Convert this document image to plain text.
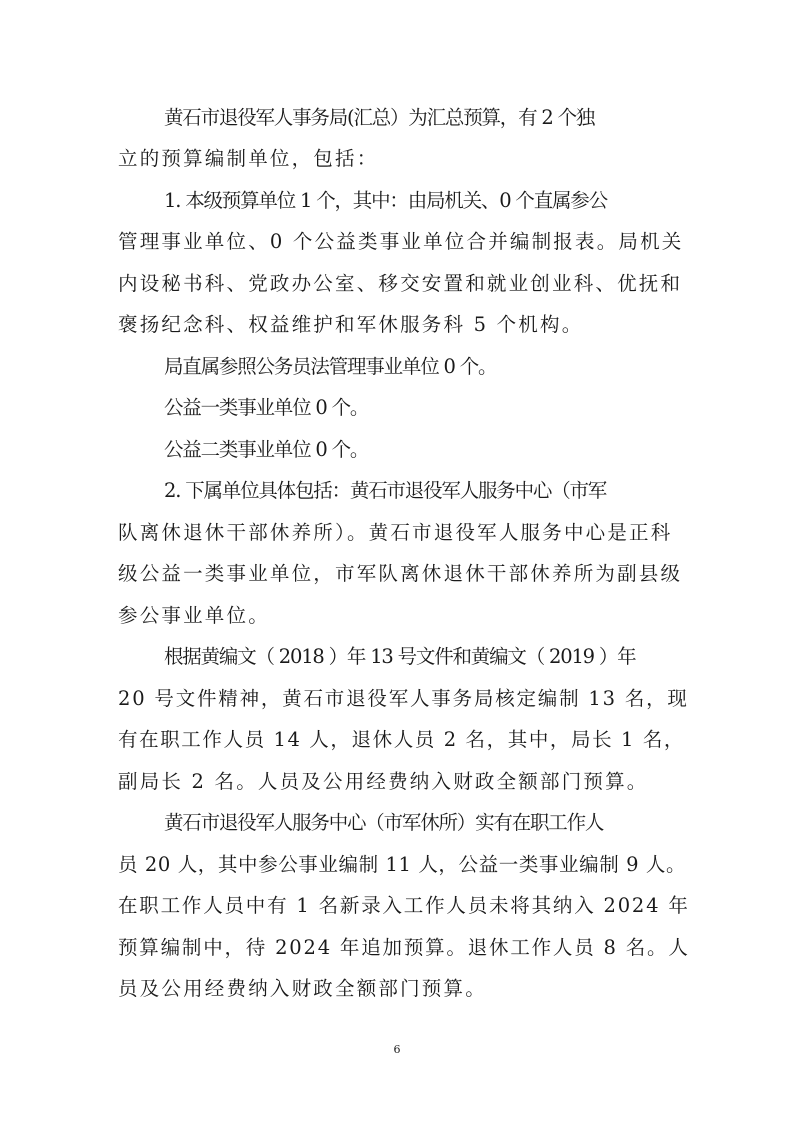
黄石市退役军人事务局(汇总）为汇总预算，有 2 个独
立的预算编制单位，包括：
1. 本级预算单位 1 个，其中：由局机关、0 个直属参公
管理事业单位、0 个公益类事业单位合并编制报表。局机关
内设秘书科、党政办公室、移交安置和就业创业科、优抚和
褒扬纪念科、权益维护和军休服务科 5 个机构。
局直属参照公务员法管理事业单位 0 个。
公益一类事业单位 0 个。
公益二类事业单位 0 个。
2. 下属单位具体包括：黄石市退役军人服务中心（市军
队离休退休干部休养所）。黄石市退役军人服务中心是正科
级公益一类事业单位，市军队离休退休干部休养所为副县级
参公事业单位。
根据黄编文（ 2018 ）年 13 号文件和黄编文（ 2019 ）年
20 号文件精神，黄石市退役军人事务局核定编制 13 名，现
有在职工作人员 14 人，退休人员 2 名，其中，局长 1 名，
副局长 2 名。人员及公用经费纳入财政全额部门预算。
黄石市退役军人服务中心（市军休所）实有在职工作人
员 20 人，其中参公事业编制 11 人，公益一类事业编制 9 人。
在职工作人员中有 1 名新录入工作人员未将其纳入 2024 年
预算编制中，待 2024 年追加预算。退休工作人员 8 名。人
员及公用经费纳入财政全额部门预算。
6
